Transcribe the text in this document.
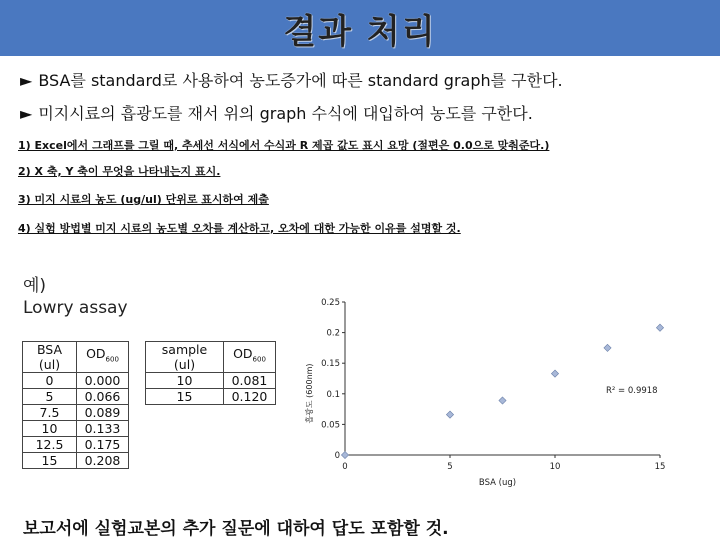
결과 처리
► BSA를 standard로 사용하여 농도증가에 따른 standard graph를 구한다.
► 미지시료의 흡광도를 재서 위의 graph 수식에 대입하여 농도를 구한다.
1) Excel에서 그래프를 그릴 때, 추세선 서식에서 수식과 R 제곱 값도 표시 요망 (절편은 0.0으로 맞춰준다.)
2) X 축, Y 축이 무엇을 나타내는지 표시.
3) 미지 시료의 농도 (ug/ul) 단위로 표시하여 제출
4) 실험 방법별 미지 시료의 농도별 오차를 계산하고, 오차에 대한 가능한 이유를 설명할 것.
예)
Lowry assay
BSA (ul)	$OD_{600}$
0	0.000
5	0.066
7.5	0.089
10	0.133
12.5	0.175
15	0.208
sample (ul)	$OD_{600}$
10	0.081
15	0.120
0
0.05
0.1
0.15
0.2
0.25
0	5	10	15
BSA (ug)
흡광도 (600nm)	R² = 0.9918
보고서에 실험교본의 추가 질문에 대하여 답도 포함할 것.
